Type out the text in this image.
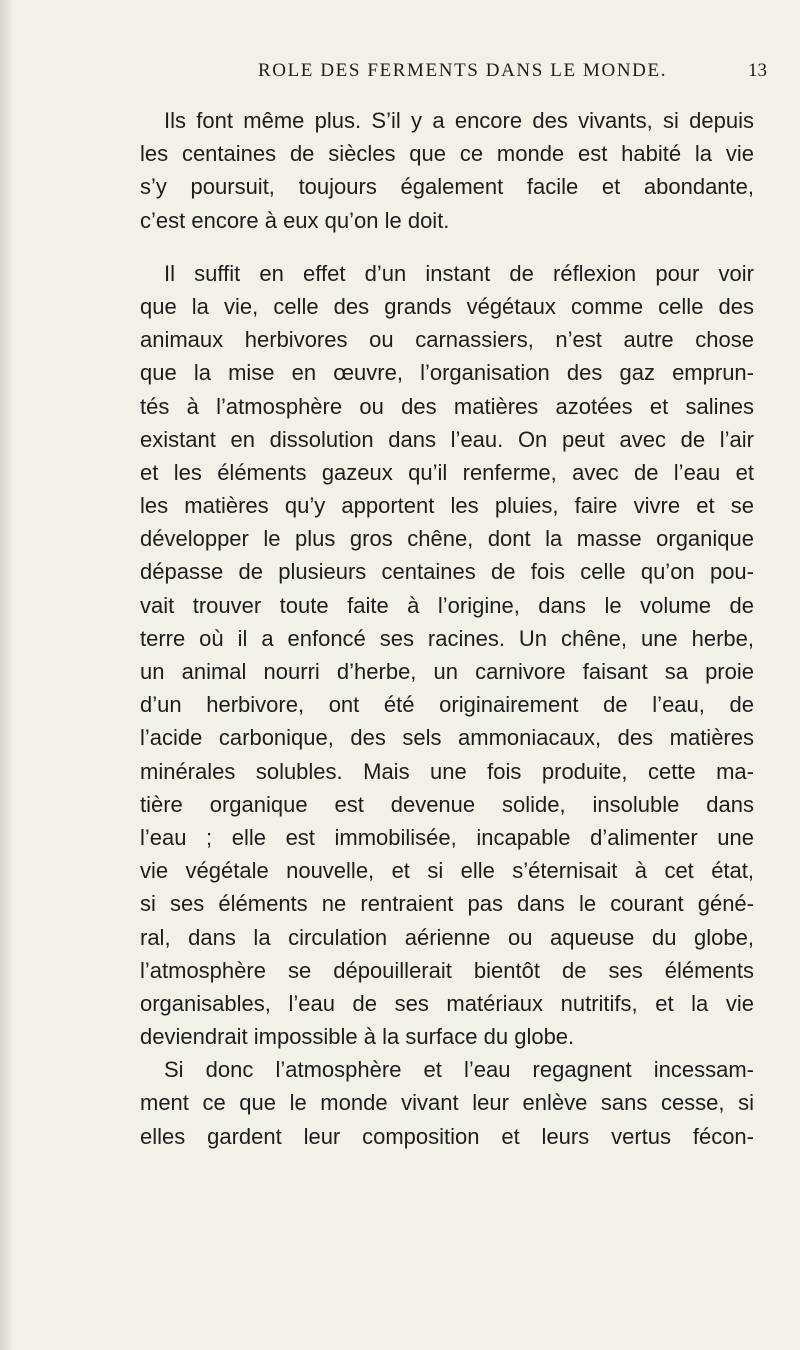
ROLE DES FERMENTS DANS LE MONDE.	13

Ils font même plus. S’il y a encore des vivants, si depuis
les centaines de siècles que ce monde est habité la vie
s’y poursuit, toujours également facile et abondante,
c’est encore à eux qu’on le doit.

Il suffit en effet d’un instant de réflexion pour voir
que la vie, celle des grands végétaux comme celle des
animaux herbivores ou carnassiers, n’est autre chose
que la mise en œuvre, l’organisation des gaz emprun-
tés à l’atmosphère ou des matières azotées et salines
existant en dissolution dans l’eau. On peut avec de l’air
et les éléments gazeux qu’il renferme, avec de l’eau et
les matières qu’y apportent les pluies, faire vivre et se
développer le plus gros chêne, dont la masse organique
dépasse de plusieurs centaines de fois celle qu’on pou-
vait trouver toute faite à l’origine, dans le volume de
terre où il a enfoncé ses racines. Un chêne, une herbe,
un animal nourri d’herbe, un carnivore faisant sa proie
d’un herbivore, ont été originairement de l’eau, de
l’acide carbonique, des sels ammoniacaux, des matières
minérales solubles. Mais une fois produite, cette ma-
tière organique est devenue solide, insoluble dans
l’eau ; elle est immobilisée, incapable d’alimenter une
vie végétale nouvelle, et si elle s’éternisait à cet état,
si ses éléments ne rentraient pas dans le courant géné-
ral, dans la circulation aérienne ou aqueuse du globe,
l’atmosphère se dépouillerait bientôt de ses éléments
organisables, l’eau de ses matériaux nutritifs, et la vie
deviendrait impossible à la surface du globe.

Si donc l’atmosphère et l’eau regagnent incessam-
ment ce que le monde vivant leur enlève sans cesse, si
elles gardent leur composition et leurs vertus fécon-
